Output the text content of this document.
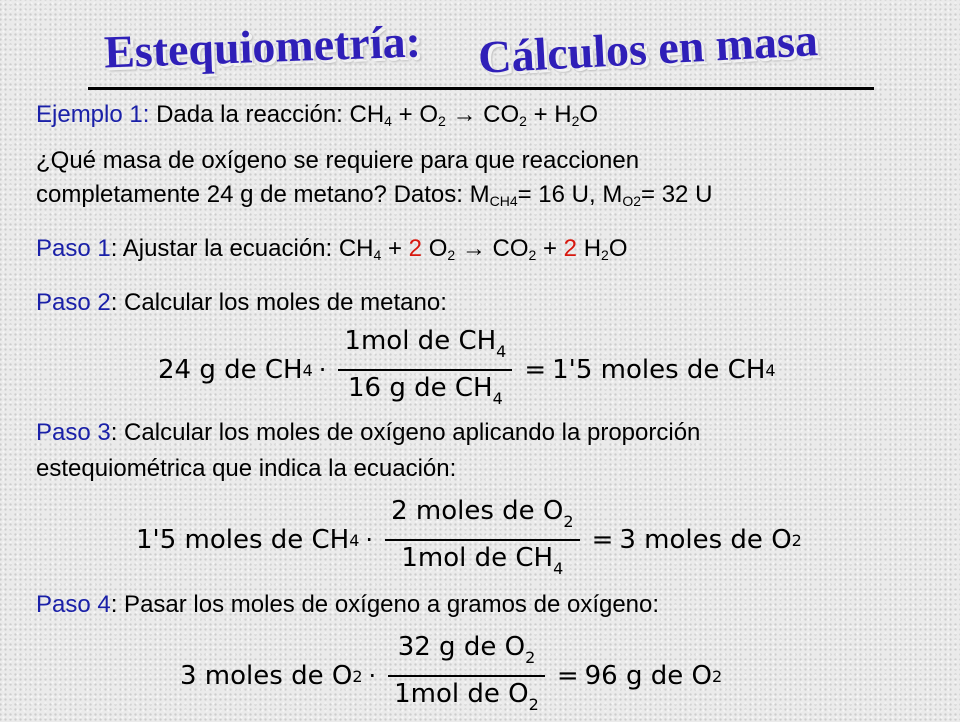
Estequiometría: Cálculos en masa
Ejemplo 1: Dada la reacción: $CH_4 + O_2 \to CO_2 + H_2O$
¿Qué masa de oxígeno se requiere para que reaccionen
completamente 24 g de metano? Datos: $M_{CH4}= 16$ U, $M_{O2}= 32$ U
Paso 1: Ajustar la ecuación: $CH_4 + 2$ $O_2 \to CO_2 + 2$ $H_2O$
Paso 2: Calcular los moles de metano:
24 g de CH $4 \cdot \frac{1mol de CH_4}{16 g de CH_4} = 1'5$ moles de CH 4
Paso 3: Calcular los moles de oxígeno aplicando la proporción
estequiométrica que indica la ecuación:
1'5 moles de CH $4 \cdot \frac{2 moles de O_2}{1mol de CH_4} = 3$ moles de O 2
Paso 4: Pasar los moles de oxígeno a gramos de oxígeno:
3 moles de O $2 \cdot \frac{32 g de O_2}{1mol de O_2} = 96$ g de O 2
